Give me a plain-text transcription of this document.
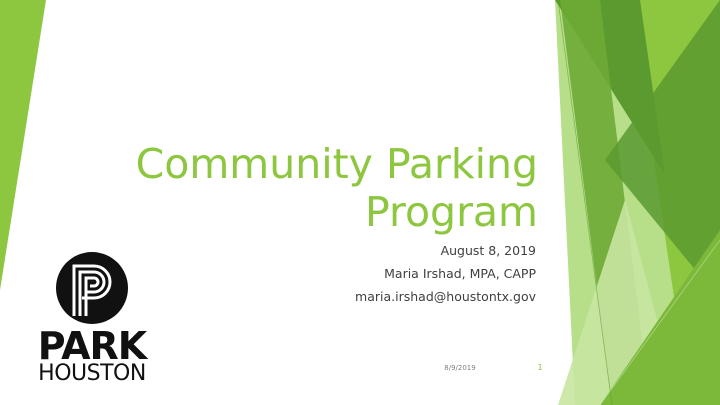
Community Parking
Program
August 8, 2019
Maria Irshad, MPA, CAPP
maria.irshad@houstontx.gov
PARK
HOUSTON	8/9/2019	1
